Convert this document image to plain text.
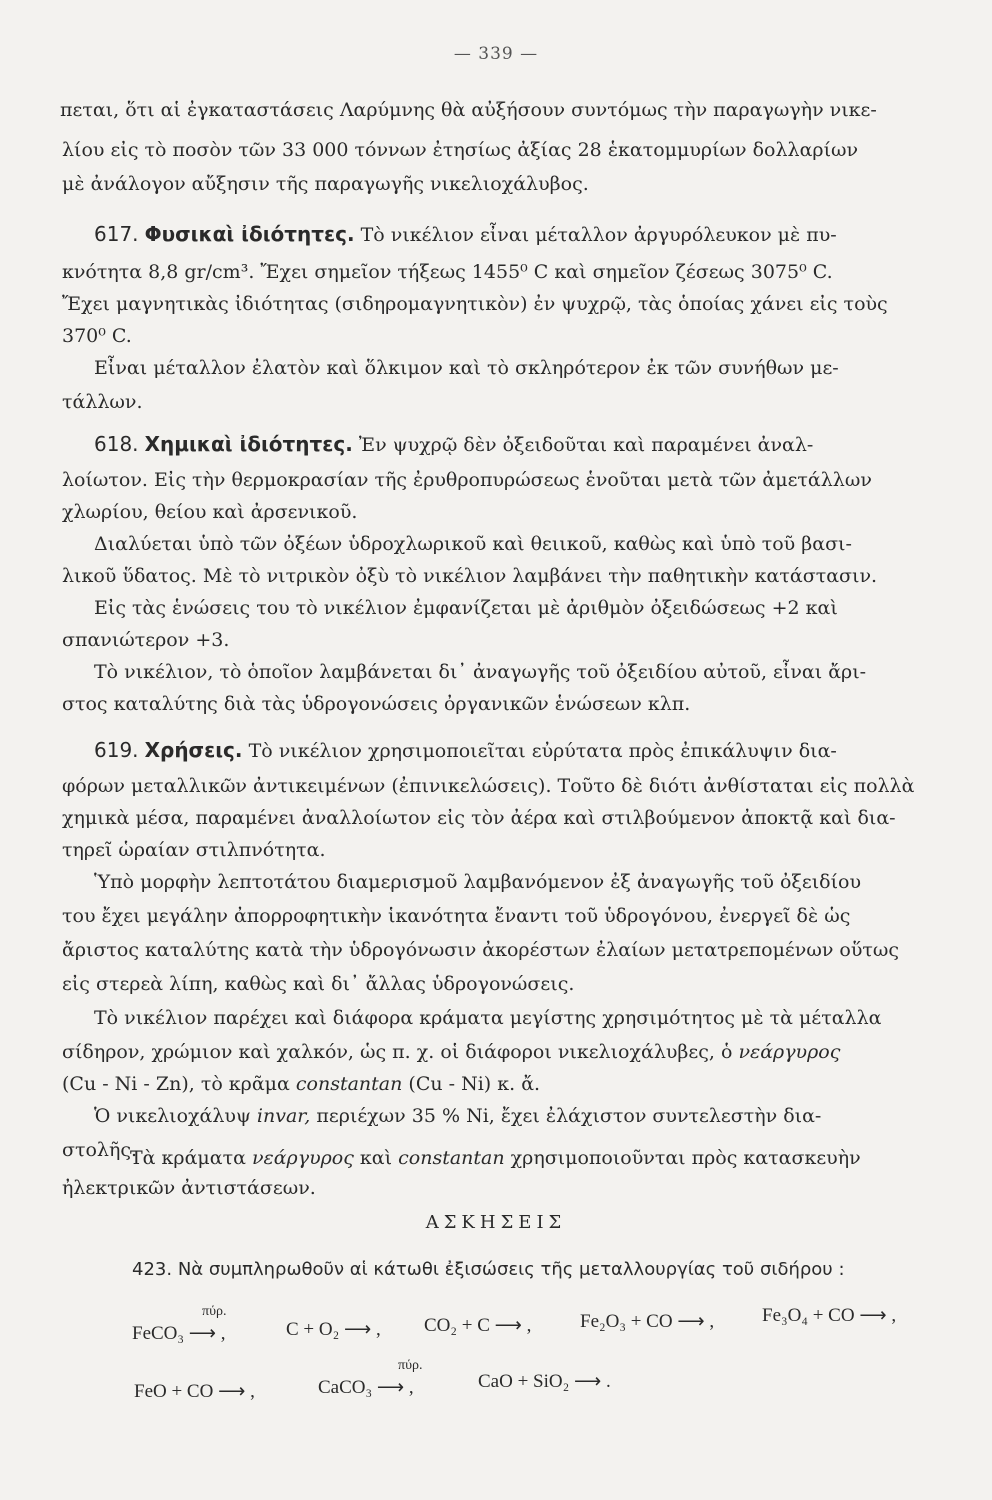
— 339 —
πεται, ὅτι αἱ ἐγκαταστάσεις Λαρύμνης θὰ αὐξήσουν συντόμως τὴν παραγωγὴν νικε-
λίου εἰς τὸ ποσὸν τῶν 33 000 τόννων ἐτησίως ἀξίας 28 ἑκατομμυρίων δολλαρίων
μὲ ἀνάλογον αὔξησιν τῆς παραγωγῆς νικελιοχάλυβος.
617. Φυσικαὶ ἰδιότητες. Τὸ νικέλιον εἶναι μέταλλον ἀργυρόλευκον μὲ πυ-
κνότητα 8,8 gr/cm³. Ἔχει σημεῖον τήξεως 1455⁰ C καὶ σημεῖον ζέσεως 3075⁰ C.
Ἔχει μαγνητικὰς ἰδιότητας (σιδηρομαγνητικὸν) ἐν ψυχρῷ, τὰς ὁποίας χάνει εἰς τοὺς
370⁰ C.
Εἶναι μέταλλον ἐλατὸν καὶ ὅλκιμον καὶ τὸ σκληρότερον ἐκ τῶν συνήθων με-
τάλλων.
618. Χημικαὶ ἰδιότητες. Ἐν ψυχρῷ δὲν ὀξειδοῦται καὶ παραμένει ἀναλ-
λοίωτον. Εἰς τὴν θερμοκρασίαν τῆς ἐρυθροπυρώσεως ἑνοῦται μετὰ τῶν ἀμετάλλων
χλωρίου, θείου καὶ ἀρσενικοῦ.
Διαλύεται ὑπὸ τῶν ὀξέων ὑδροχλωρικοῦ καὶ θειικοῦ, καθὼς καὶ ὑπὸ τοῦ βασι-
λικοῦ ὕδατος. Μὲ τὸ νιτρικὸν ὀξὺ τὸ νικέλιον λαμβάνει τὴν παθητικὴν κατάστασιν.
Εἰς τὰς ἑνώσεις του τὸ νικέλιον ἐμφανίζεται μὲ ἀριθμὸν ὀξειδώσεως +2 καὶ
σπανιώτερον +3.
Τὸ νικέλιον, τὸ ὁποῖον λαμβάνεται δι᾽ ἀναγωγῆς τοῦ ὀξειδίου αὐτοῦ, εἶναι ἄρι-
στος καταλύτης διὰ τὰς ὑδρογονώσεις ὀργανικῶν ἑνώσεων κλπ.
619. Χρήσεις. Τὸ νικέλιον χρησιμοποιεῖται εὐρύτατα πρὸς ἐπικάλυψιν δια-
φόρων μεταλλικῶν ἀντικειμένων (ἐπινικελώσεις). Τοῦτο δὲ διότι ἀνθίσταται εἰς πολλὰ
χημικὰ μέσα, παραμένει ἀναλλοίωτον εἰς τὸν ἀέρα καὶ στιλβούμενον ἀποκτᾷ καὶ δια-
τηρεῖ ὡραίαν στιλπνότητα.
Ὑπὸ μορφὴν λεπτοτάτου διαμερισμοῦ λαμβανόμενον ἐξ ἀναγωγῆς τοῦ ὀξειδίου
του ἔχει μεγάλην ἀπορροφητικὴν ἱκανότητα ἔναντι τοῦ ὑδρογόνου, ἐνεργεῖ δὲ ὡς
ἄριστος καταλύτης κατὰ τὴν ὑδρογόνωσιν ἀκορέστων ἐλαίων μετατρεπομένων οὕτως
εἰς στερεὰ λίπη, καθὼς καὶ δι᾽ ἄλλας ὑδρογονώσεις.
Τὸ νικέλιον παρέχει καὶ διάφορα κράματα μεγίστης χρησιμότητος μὲ τὰ μέταλλα
σίδηρον, χρώμιον καὶ χαλκόν, ὡς π. χ. οἱ διάφοροι νικελιοχάλυβες, ὁ νεάργυρος
(Cu - Ni - Zn), τὸ κρᾶμα constantan (Cu - Ni) κ. ἄ.
Ὁ νικελιοχάλυψ invar, περιέχων 35 % Ni, ἔχει ἐλάχιστον συντελεστὴν δια-
στολῆς.
Τὰ κράματα νεάργυρος καὶ constantan χρησιμοποιοῦνται πρὸς κατασκευὴν
ἠλεκτρικῶν ἀντιστάσεων.
ΑΣΚΗΣΕΙΣ
423. Νὰ συμπληρωθοῦν αἱ κάτωθι ἐξισώσεις τῆς μεταλλουργίας τοῦ σιδήρου :
πύρ.
FeCO₃ ⟶ ,	C + O₂ ⟶ , CO₂ + C ⟶ ,	Fe₂O₃ + CO ⟶ ,	Fe₃O₄ + CO ⟶ ,
FeO + CO ⟶ ,
πύρ.
CaCO₃ ⟶ ,	CaO + SiO₂ ⟶ .
